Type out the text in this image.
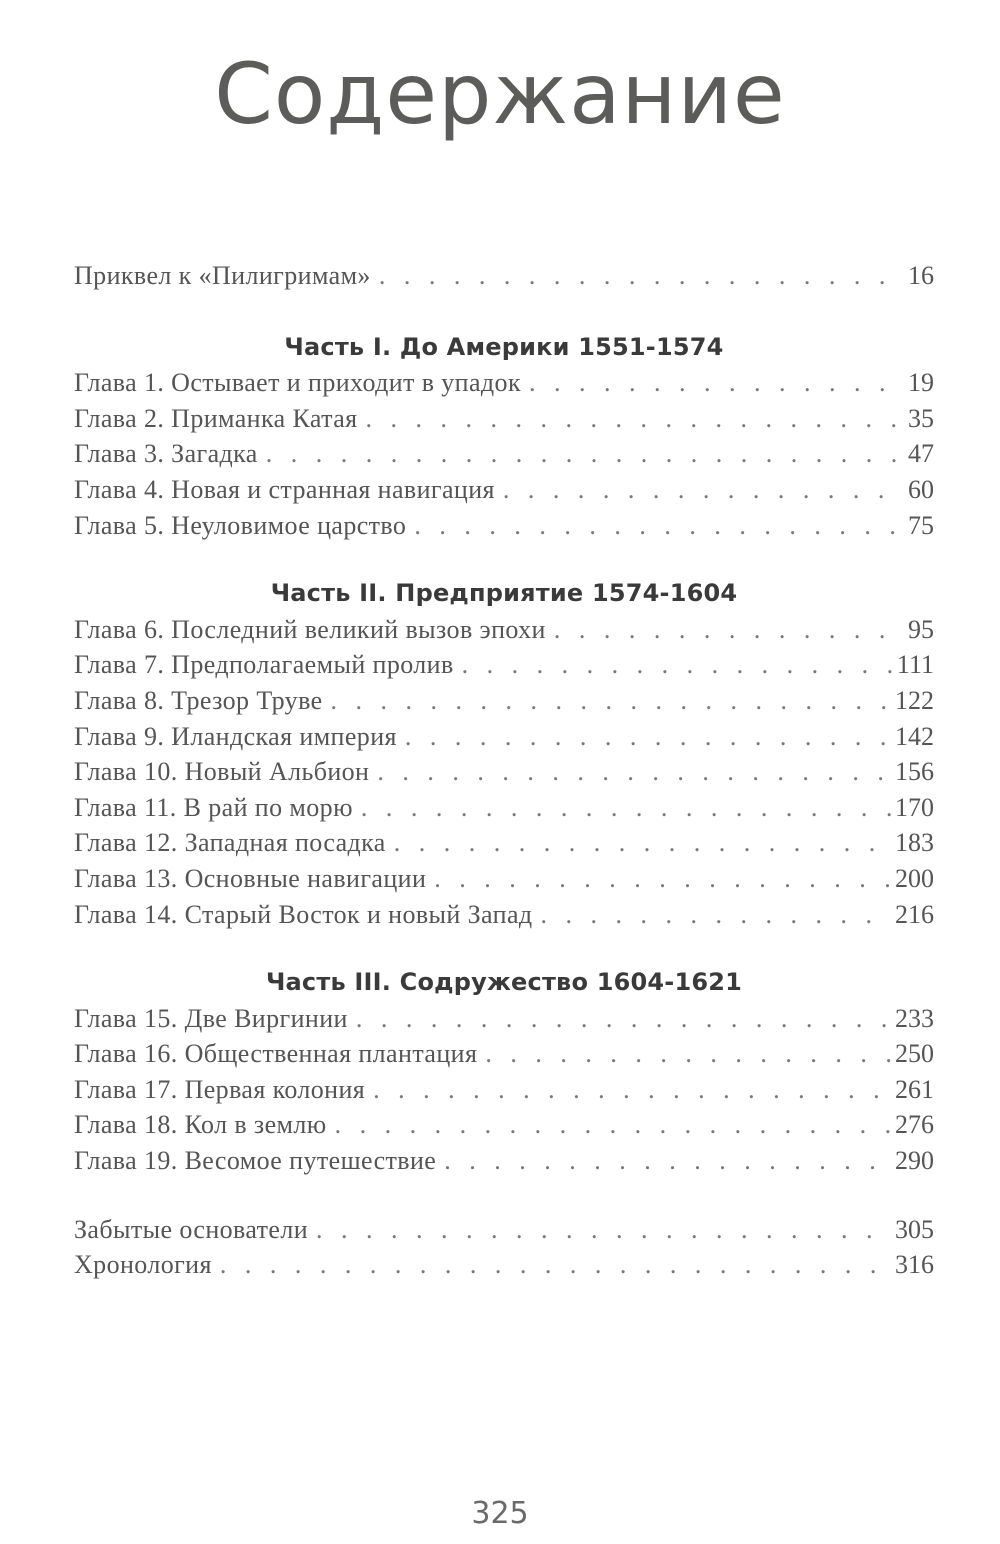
Содержание
Приквел к «Пилигримам» . . .	16
Часть I. До Америки 1551-1574
Глава 1. Остывает и приходит в упадок . . .	19
Глава 2. Приманка Катая . . .	35
Глава 3. Загадка . . .	47
Глава 4. Новая и странная навигация . . .	60
Глава 5. Неуловимое царство . . .	75
Часть II. Предприятие 1574-1604
Глава 6. Последний великий вызов эпохи . . .	95
Глава 7. Предполагаемый пролив . . .	111
Глава 8. Трезор Труве . . .	122
Глава 9. Иландская империя . . .	142
Глава 10. Новый Альбион . . .	156
Глава 11. В рай по морю . . .	170
Глава 12. Западная посадка . . .	183
Глава 13. Основные навигации . . .	200
Глава 14. Старый Восток и новый Запад . . .	216
Часть III. Содружество 1604-1621
Глава 15. Две Виргинии . . .	233
Глава 16. Общественная плантация . . .	250
Глава 17. Первая колония . . .	261
Глава 18. Кол в землю . . .	276
Глава 19. Весомое путешествие . . .	290
Забытые основатели . . .	305
Хронология . . .	316
325
